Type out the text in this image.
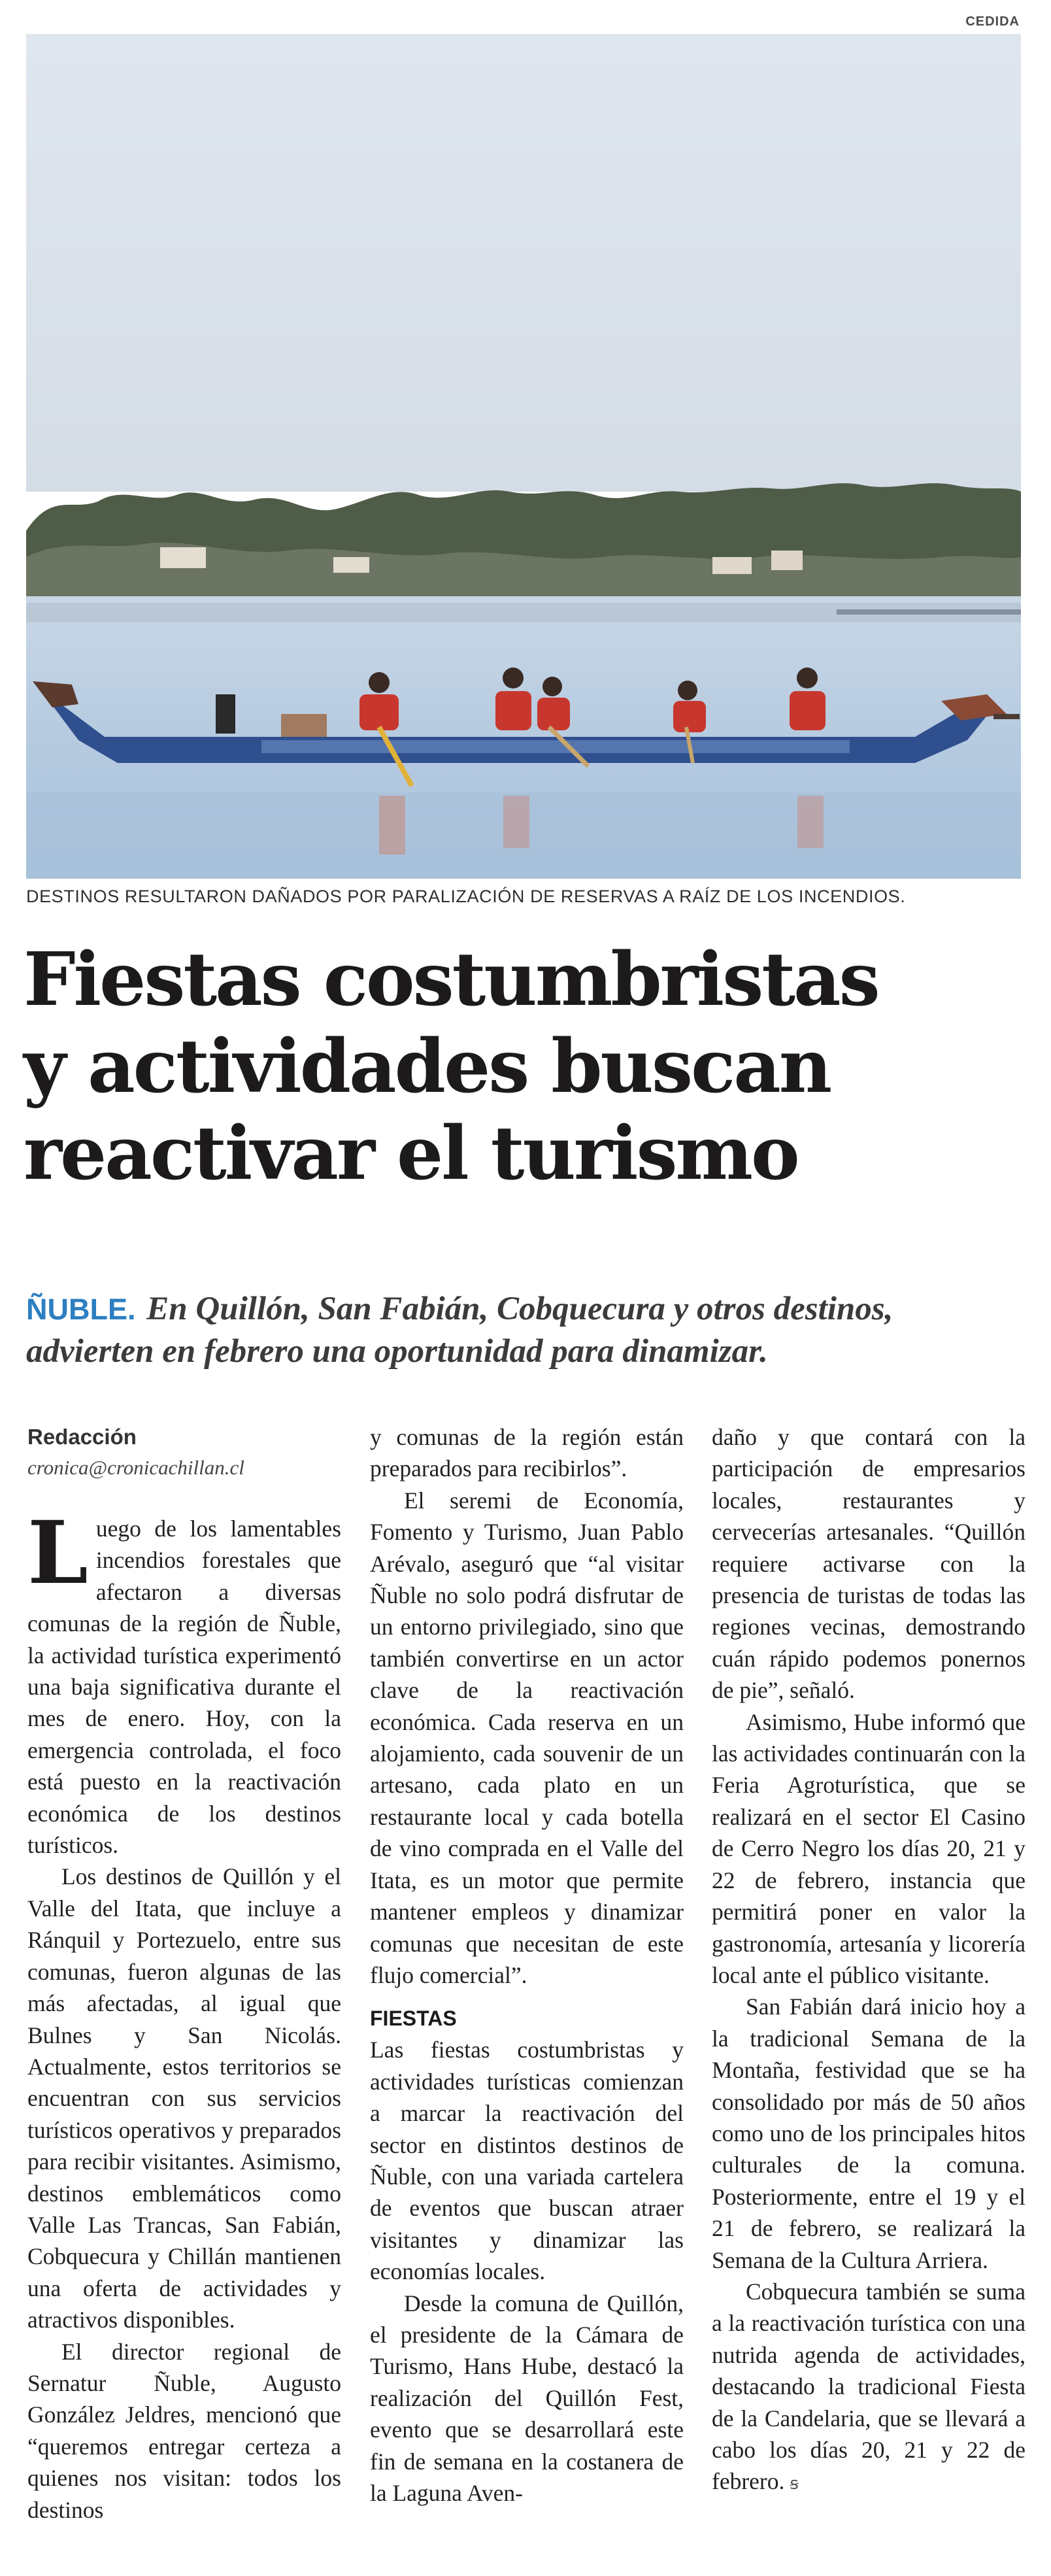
CEDIDA
DESTINOS RESULTARON DAÑADOS POR PARALIZACIÓN DE RESERVAS A RAÍZ DE LOS INCENDIOS.
Fiestas costumbristas
y actividades buscan
reactivar el turismo

ÑUBLE. En Quillón, San Fabián, Cobquecura y otros destinos, advierten en febrero una oportunidad para dinamizar.

Redacción
cronica@cronicachillan.cl

Luego de los lamentables incendios forestales que afectaron a diversas comunas de la región de Ñuble, la actividad turística experimentó una baja significativa durante el mes de enero. Hoy, con la emergencia controlada, el foco está puesto en la reactivación económica de los destinos turísticos.

Los destinos de Quillón y el Valle del Itata, que incluye a Ránquil y Portezuelo, entre sus comunas, fueron algunas de las más afectadas, al igual que Bulnes y San Nicolás. Actualmente, estos territorios se encuentran con sus servicios turísticos operativos y preparados para recibir visitantes. Asimismo, destinos emblemáticos como Valle Las Trancas, San Fabián, Cobquecura y Chillán mantienen una oferta de actividades y atractivos disponibles.

El director regional de Sernatur Ñuble, Augusto González Jeldres, mencionó que “queremos entregar certeza a quienes nos visitan: todos los destinos

y comunas de la región están preparados para recibirlos”.

El seremi de Economía, Fomento y Turismo, Juan Pablo Arévalo, aseguró que “al visitar Ñuble no solo podrá disfrutar de un entorno privilegiado, sino que también convertirse en un actor clave de la reactivación económica. Cada reserva en un alojamiento, cada souvenir de un artesano, cada plato en un restaurante local y cada botella de vino comprada en el Valle del Itata, es un motor que permite mantener empleos y dinamizar comunas que necesitan de este flujo comercial”.

FIESTAS

Las fiestas costumbristas y actividades turísticas comienzan a marcar la reactivación del sector en distintos destinos de Ñuble, con una variada cartelera de eventos que buscan atraer visitantes y dinamizar las economías locales.

Desde la comuna de Quillón, el presidente de la Cámara de Turismo, Hans Hube, destacó la realización del Quillón Fest, evento que se desarrollará este fin de semana en la costanera de la Laguna Aven-

daño y que contará con la participación de empresarios locales, restaurantes y cervecerías artesanales. “Quillón requiere activarse con la presencia de turistas de todas las regiones vecinas, demostrando cuán rápido podemos ponernos de pie”, señaló.

Asimismo, Hube informó que las actividades continuarán con la Feria Agroturística, que se realizará en el sector El Casino de Cerro Negro los días 20, 21 y 22 de febrero, instancia que permitirá poner en valor la gastronomía, artesanía y licorería local ante el público visitante.

San Fabián dará inicio hoy a la tradicional Semana de la Montaña, festividad que se ha consolidado por más de 50 años como uno de los principales hitos culturales de la comuna. Posteriormente, entre el 19 y el 21 de febrero, se realizará la Semana de la Cultura Arriera.

Cobquecura también se suma a la reactivación turística con una nutrida agenda de actividades, destacando la tradicional Fiesta de la Candelaria, que se llevará a cabo los días 20, 21 y 22 de febrero. ꞩ
